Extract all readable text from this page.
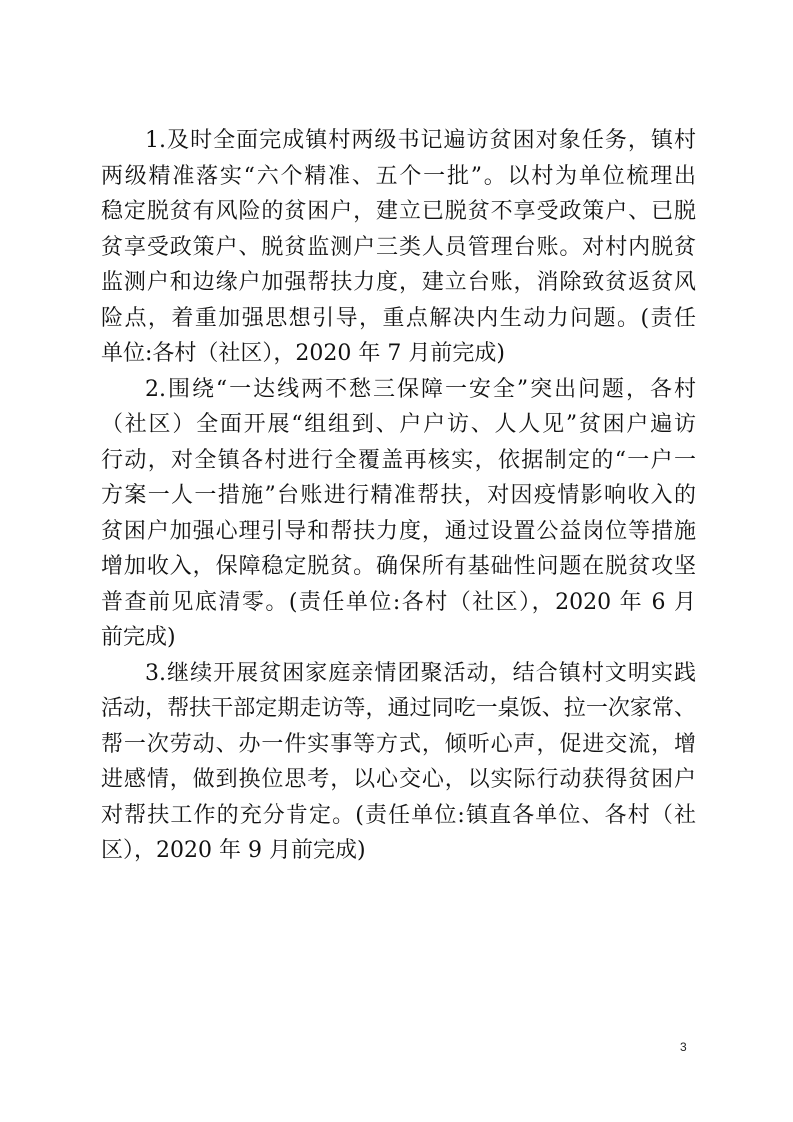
1.及时全面完成镇村两级书记遍访贫困对象任务，镇村
两级精准落实“六个精准、五个一批”。以村为单位梳理出
稳定脱贫有风险的贫困户，建立已脱贫不享受政策户、已脱
贫享受政策户、脱贫监测户三类人员管理台账。对村内脱贫
监测户和边缘户加强帮扶力度，建立台账，消除致贫返贫风
险点，着重加强思想引导，重点解决内生动力问题。(责任
单位:各村（社区），2020 年 7 月前完成)
2.围绕“一达线两不愁三保障一安全”突出问题，各村
（社区）全面开展“组组到、户户访、人人见”贫困户遍访
行动，对全镇各村进行全覆盖再核实，依据制定的“一户一
方案一人一措施”台账进行精准帮扶，对因疫情影响收入的
贫困户加强心理引导和帮扶力度，通过设置公益岗位等措施
增加收入，保障稳定脱贫。确保所有基础性问题在脱贫攻坚
普查前见底清零。(责任单位:各村（社区），2020 年 6 月
前完成)
3.继续开展贫困家庭亲情团聚活动，结合镇村文明实践
活动，帮扶干部定期走访等，通过同吃一桌饭、拉一次家常、
帮一次劳动、办一件实事等方式，倾听心声，促进交流，增
进感情，做到换位思考，以心交心，以实际行动获得贫困户
对帮扶工作的充分肯定。(责任单位:镇直各单位、各村（社
区），2020 年 9 月前完成)
3
